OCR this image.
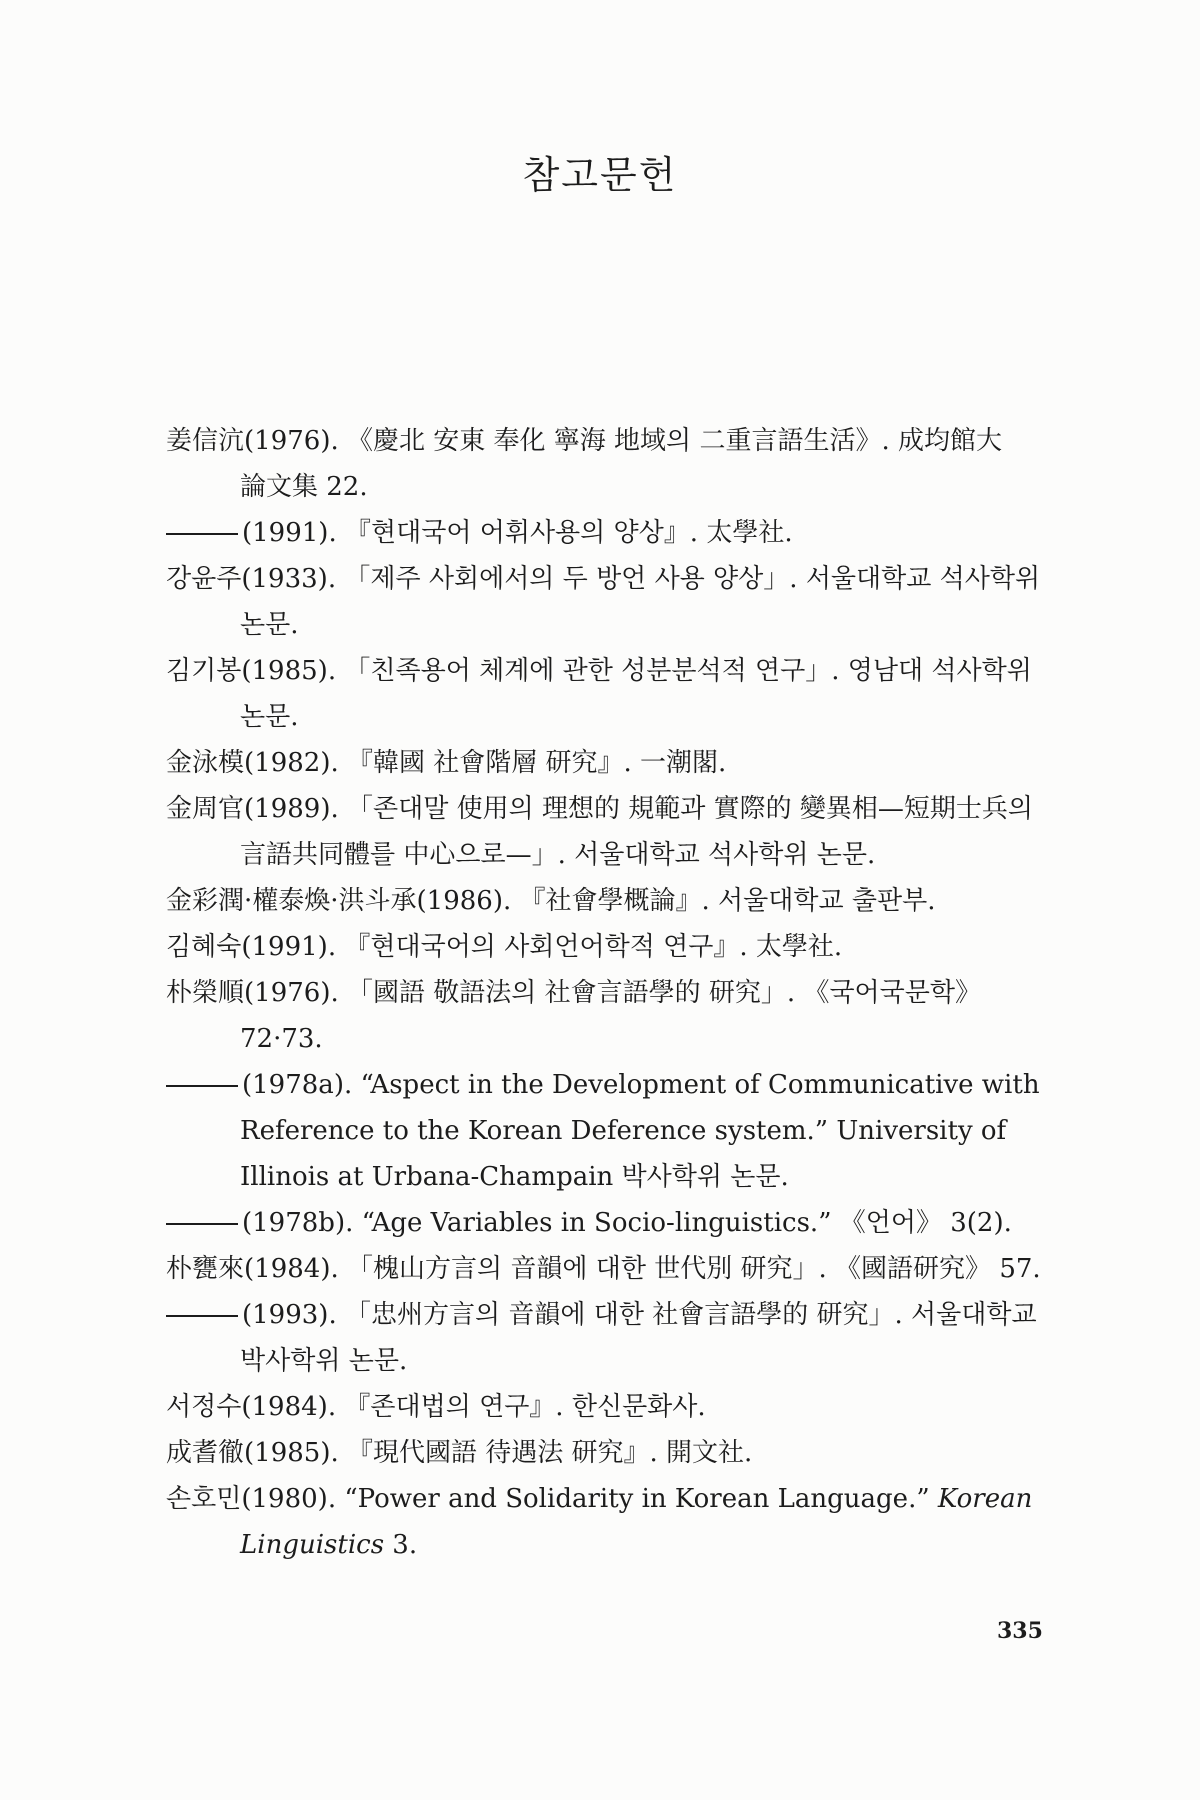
참고문헌
姜信沆(1976). 《慶北 安東 奉化 寧海 地域의 二重言語生活》. 成均館大 論文集 22.
(1991). 『현대국어 어휘사용의 양상』. 太學社.
강윤주(1933). 「제주 사회에서의 두 방언 사용 양상」. 서울대학교 석사학위 논문.
김기봉(1985). 「친족용어 체계에 관한 성분분석적 연구」. 영남대 석사학위 논문.
金泳模(1982). 『韓國 社會階層 研究』. 一潮閣.
金周官(1989). 「존대말 使用의 理想的 規範과 實際的 變異相—短期士兵의 言語共同體를 中心으로—」. 서울대학교 석사학위 논문.
金彩潤·權泰煥·洪斗承(1986). 『社會學概論』. 서울대학교 출판부.
김혜숙(1991). 『현대국어의 사회언어학적 연구』. 太學社.
朴榮順(1976). 「國語 敬語法의 社會言語學的 研究」. 《국어국문학》 72·73.
(1978a). “Aspect in the Development of Communicative with Reference to the Korean Deference system.” University of Illinois at Urbana-Champain 박사학위 논문.
(1978b). “Age Variables in Socio-linguistics.” 《언어》 3(2).
朴甕來(1984). 「槐山方言의 音韻에 대한 世代別 研究」. 《國語研究》 57.
(1993). 「忠州方言의 音韻에 대한 社會言語學的 研究」. 서울대학교 박사학위 논문.
서정수(1984). 『존대법의 연구』. 한신문화사.
成耆徹(1985). 『現代國語 待遇法 研究』. 開文社.
손호민(1980). “Power and Solidarity in Korean Language.” Korean Linguistics 3.
335
